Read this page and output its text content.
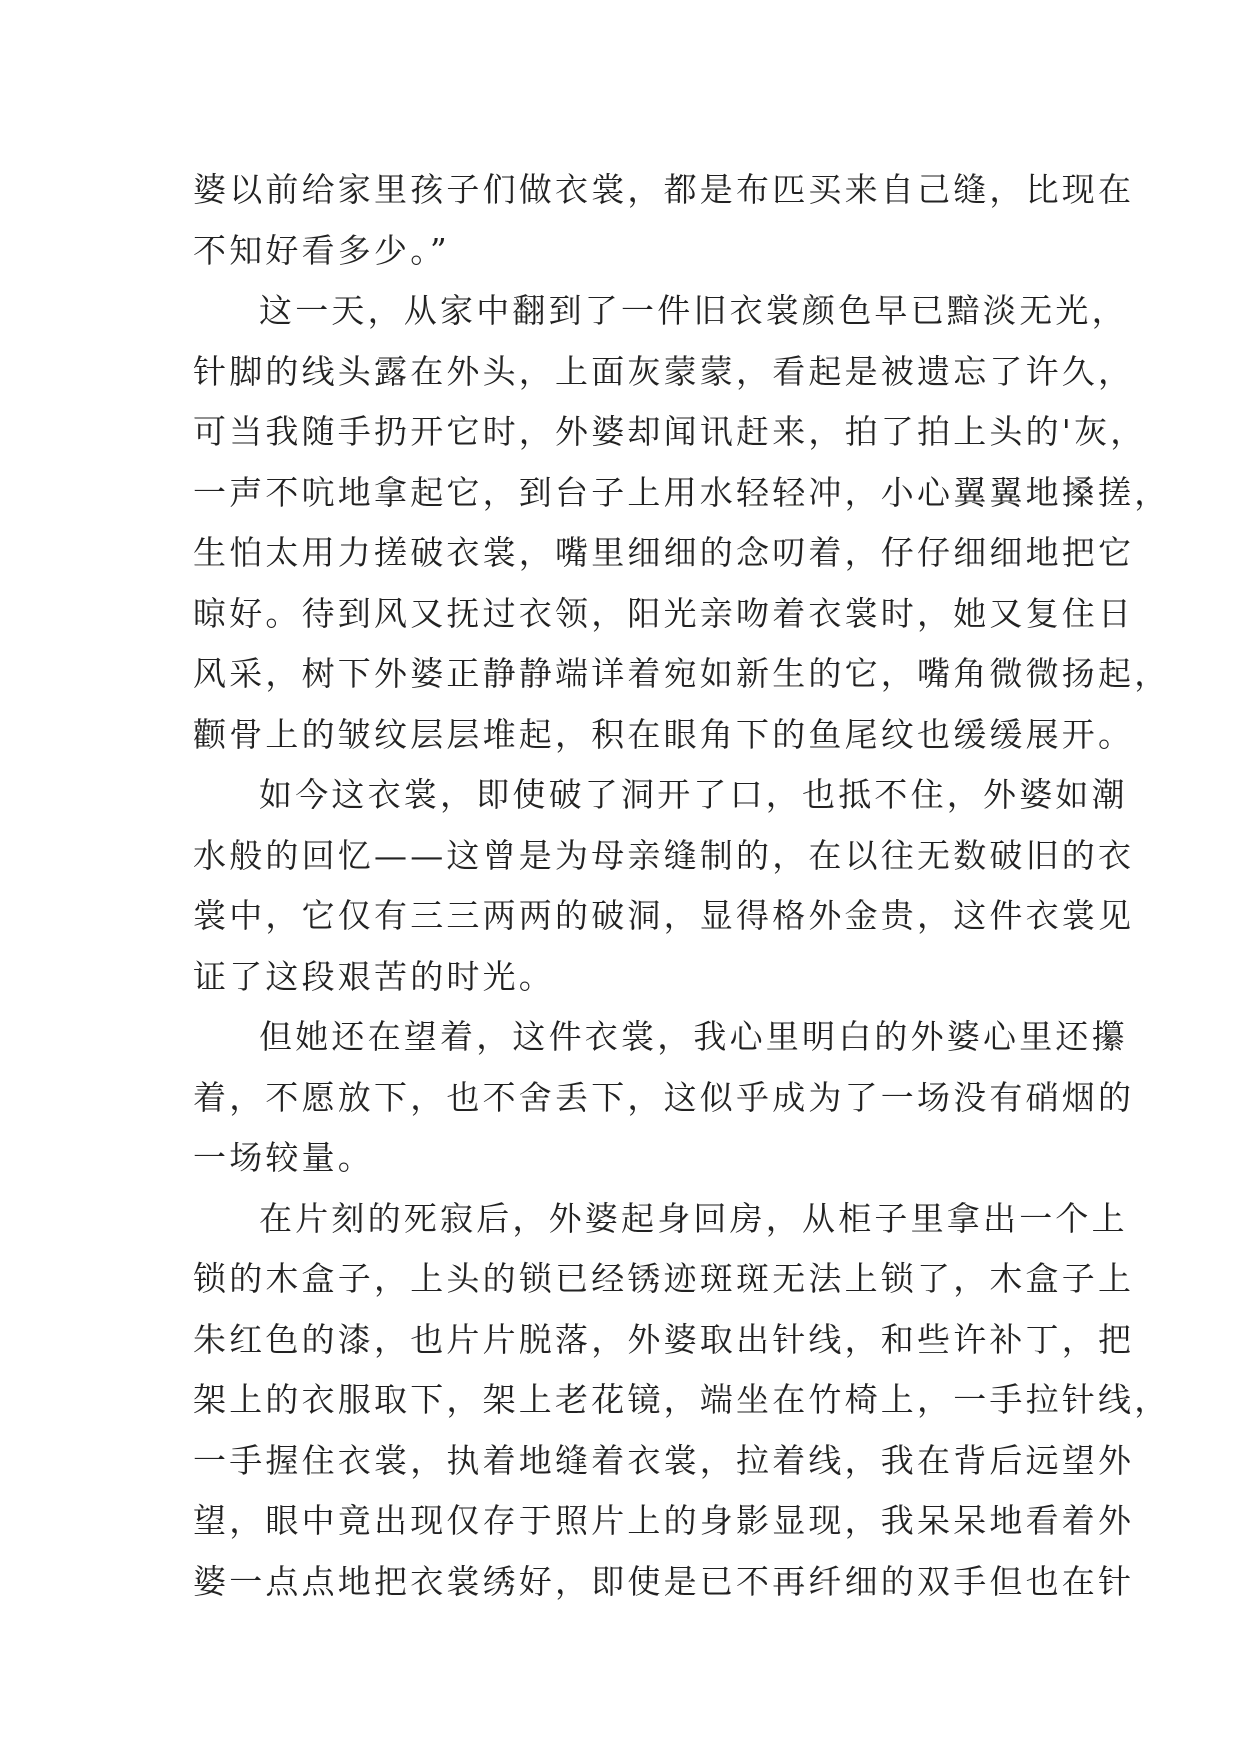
婆以前给家里孩子们做衣裳，都是布匹买来自己缝，比现在
不知好看多少。”
这一天，从家中翻到了一件旧衣裳颜色早已黯淡无光，
针脚的线头露在外头，上面灰蒙蒙，看起是被遗忘了许久，
可当我随手扔开它时，外婆却闻讯赶来，拍了拍上头的'灰，
一声不吭地拿起它，到台子上用水轻轻冲，小心翼翼地搡搓，
生怕太用力搓破衣裳，嘴里细细的念叨着，仔仔细细地把它
晾好。待到风又抚过衣领，阳光亲吻着衣裳时，她又复住日
风采，树下外婆正静静端详着宛如新生的它，嘴角微微扬起，
颧骨上的皱纹层层堆起，积在眼角下的鱼尾纹也缓缓展开。
如今这衣裳，即使破了洞开了口，也抵不住，外婆如潮
水般的回忆——这曾是为母亲缝制的，在以往无数破旧的衣
裳中，它仅有三三两两的破洞，显得格外金贵，这件衣裳见
证了这段艰苦的时光。
但她还在望着，这件衣裳，我心里明白的外婆心里还攥
着，不愿放下，也不舍丢下，这似乎成为了一场没有硝烟的
一场较量。
在片刻的死寂后，外婆起身回房，从柜子里拿出一个上
锁的木盒子，上头的锁已经锈迹斑斑无法上锁了，木盒子上
朱红色的漆，也片片脱落，外婆取出针线，和些许补丁，把
架上的衣服取下，架上老花镜，端坐在竹椅上，一手拉针线，
一手握住衣裳，执着地缝着衣裳，拉着线，我在背后远望外
望，眼中竟出现仅存于照片上的身影显现，我呆呆地看着外
婆一点点地把衣裳绣好，即使是已不再纤细的双手但也在针
